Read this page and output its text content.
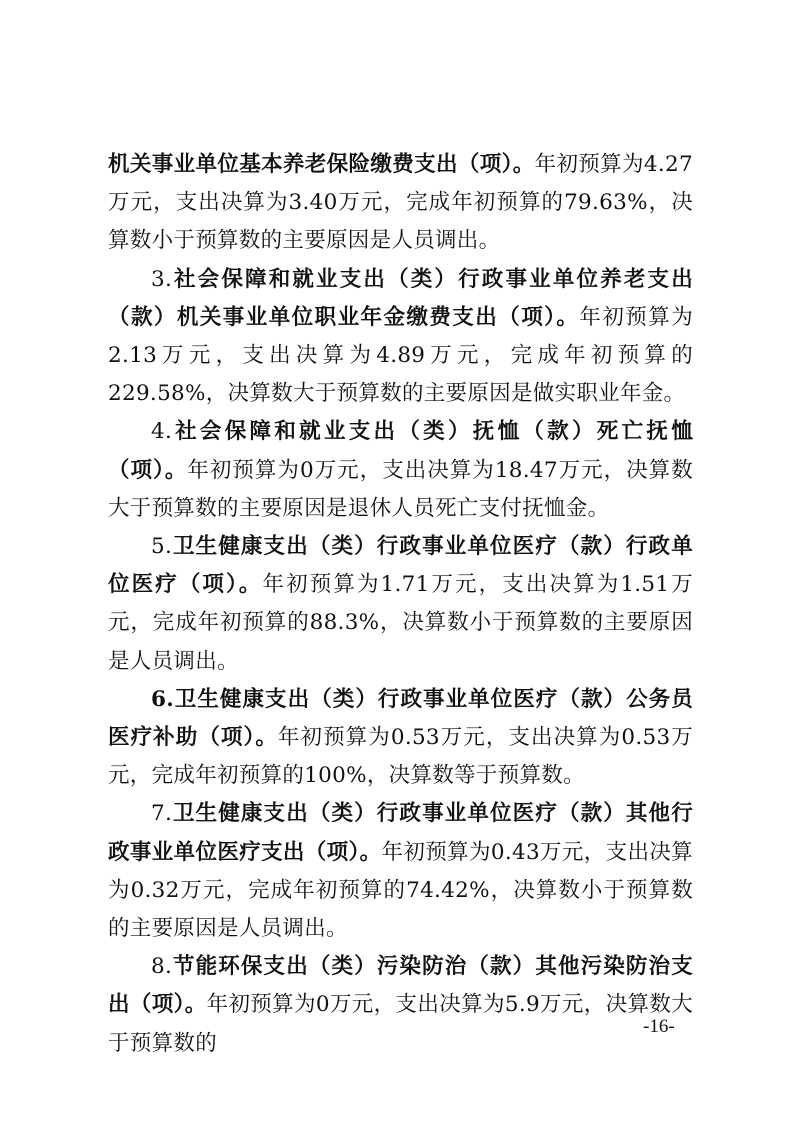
机关事业单位基本养老保险缴费支出（项）。年初预算为4.27万元，支出决算为3.40万元，完成年初预算的79.63%，决算数小于预算数的主要原因是人员调出。

3.社会保障和就业支出（类）行政事业单位养老支出（款）机关事业单位职业年金缴费支出（项）。年初预算为2.13万元，支出决算为4.89万元，完成年初预算的229.58%，决算数大于预算数的主要原因是做实职业年金。

4.社会保障和就业支出（类）抚恤（款）死亡抚恤（项）。年初预算为0万元，支出决算为18.47万元，决算数大于预算数的主要原因是退休人员死亡支付抚恤金。

5.卫生健康支出（类）行政事业单位医疗（款）行政单位医疗（项）。年初预算为1.71万元，支出决算为1.51万元，完成年初预算的88.3%，决算数小于预算数的主要原因是人员调出。

6.卫生健康支出（类）行政事业单位医疗（款）公务员医疗补助（项）。年初预算为0.53万元，支出决算为0.53万元，完成年初预算的100%，决算数等于预算数。

7.卫生健康支出（类）行政事业单位医疗（款）其他行政事业单位医疗支出（项）。年初预算为0.43万元，支出决算为0.32万元，完成年初预算的74.42%，决算数小于预算数的主要原因是人员调出。

8.节能环保支出（类）污染防治（款）其他污染防治支出（项）。年初预算为0万元，支出决算为5.9万元，决算数大于预算数的

-16-
